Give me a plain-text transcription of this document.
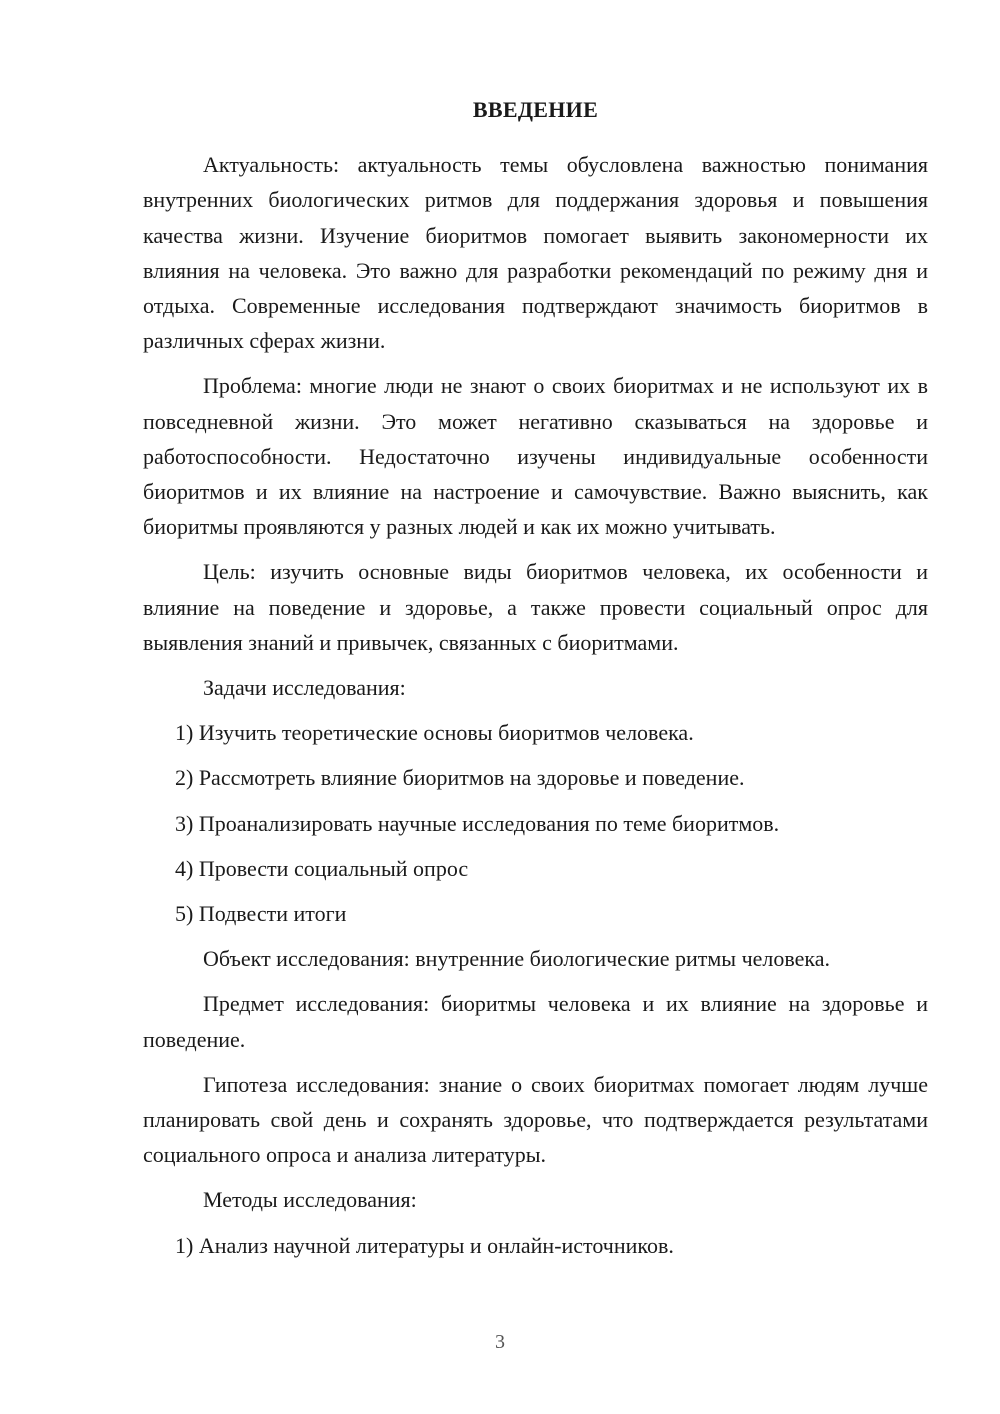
ВВЕДЕНИЕ

Актуальность: актуальность темы обусловлена важностью понимания внутренних биологических ритмов для поддержания здоровья и повышения качества жизни. Изучение биоритмов помогает выявить закономерности их влияния на человека. Это важно для разработки рекомендаций по режиму дня и отдыха. Современные исследования подтверждают значимость биоритмов в различных сферах жизни.

Проблема: многие люди не знают о своих биоритмах и не используют их в повседневной жизни. Это может негативно сказываться на здоровье и работоспособности. Недостаточно изучены индивидуальные особенности биоритмов и их влияние на настроение и самочувствие. Важно выяснить, как биоритмы проявляются у разных людей и как их можно учитывать.

Цель: изучить основные виды биоритмов человека, их особенности и влияние на поведение и здоровье, а также провести социальный опрос для выявления знаний и привычек, связанных с биоритмами.

Задачи исследования:
1) Изучить теоретические основы биоритмов человека.
2) Рассмотреть влияние биоритмов на здоровье и поведение.
3) Проанализировать научные исследования по теме биоритмов.
4) Провести социальный опрос
5) Подвести итоги

Объект исследования: внутренние биологические ритмы человека.

Предмет исследования: биоритмы человека и их влияние на здоровье и поведение.

Гипотеза исследования: знание о своих биоритмах помогает людям лучше планировать свой день и сохранять здоровье, что подтверждается результатами социального опроса и анализа литературы.

Методы исследования:
1) Анализ научной литературы и онлайн-источников.
3
